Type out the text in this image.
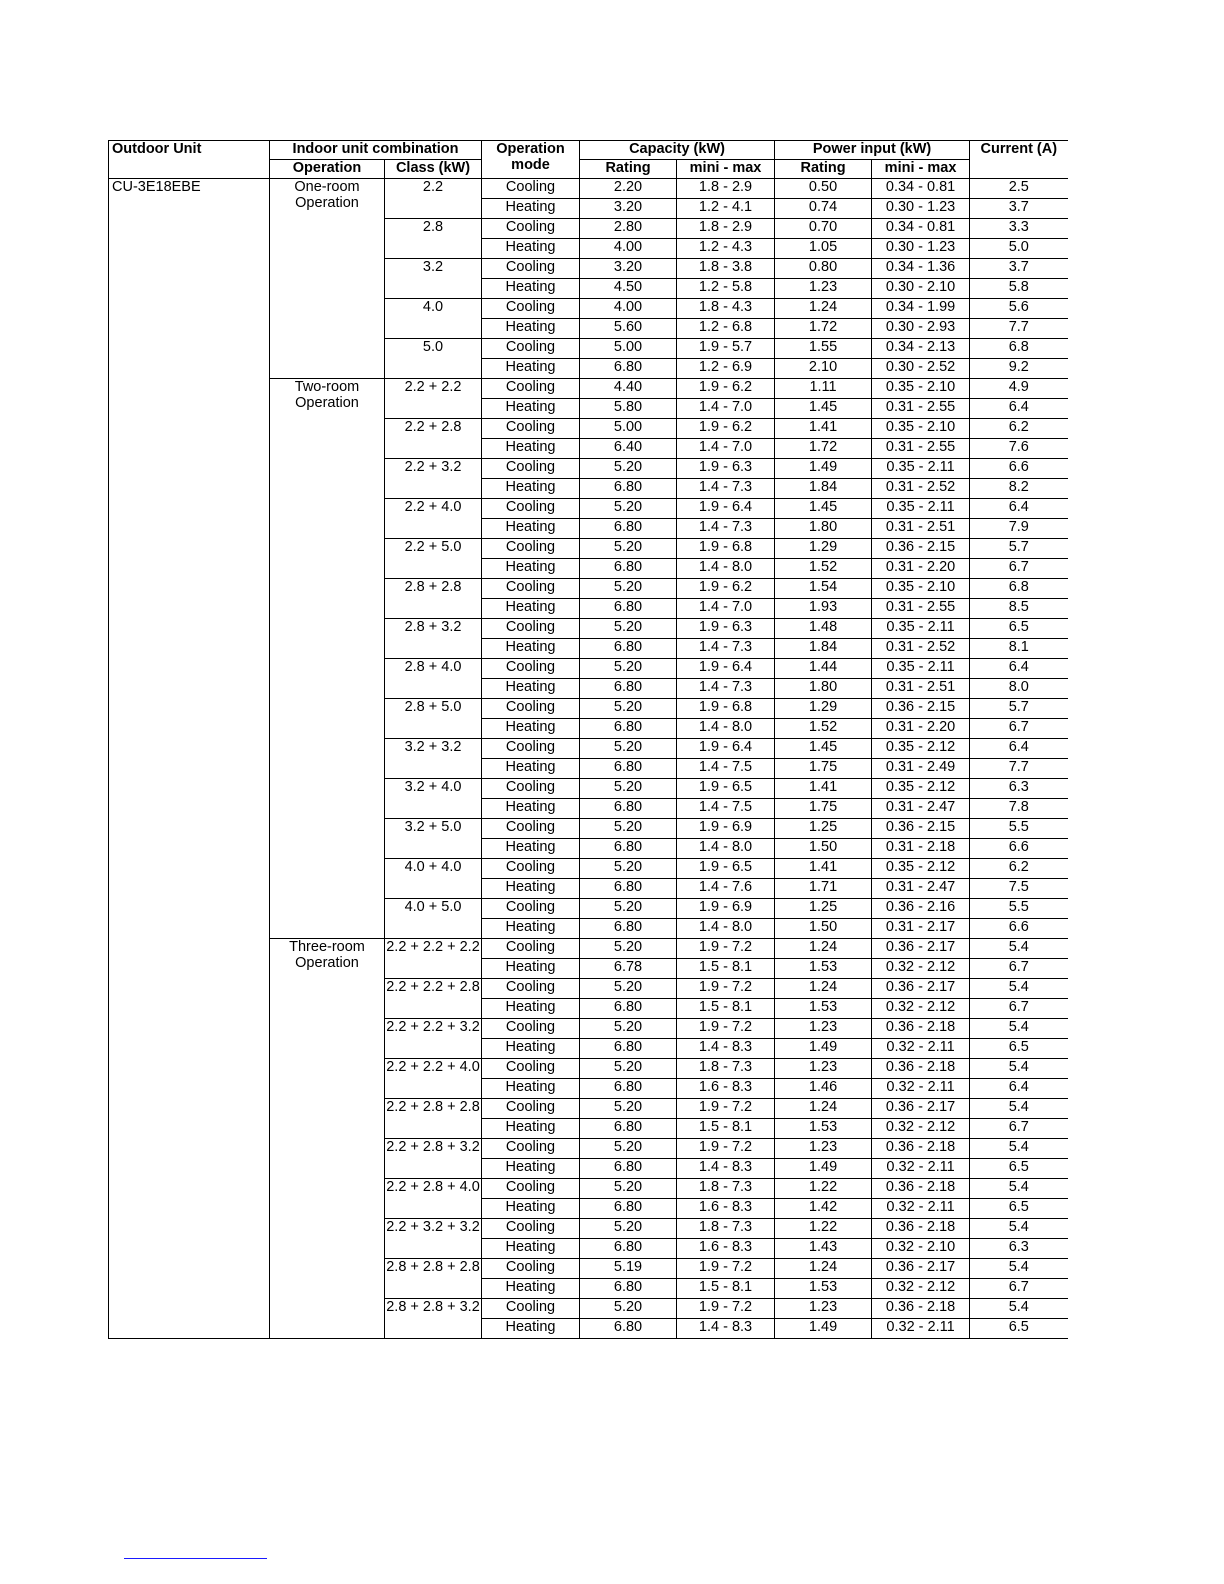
Outdoor Unit	Indoor unit combination		Operation mode	Capacity (kW)		Power input (kW)		Current (A)
	Operation	Class (kW)		Rating	mini - max	Rating	mini - max	
CU-3E18EBE	One-room Operation	2.2	Cooling	2.20	1.8 - 2.9	0.50	0.34 - 0.81	2.5
			Heating	3.20	1.2 - 4.1	0.74	0.30 - 1.23	3.7
		2.8	Cooling	2.80	1.8 - 2.9	0.70	0.34 - 0.81	3.3
			Heating	4.00	1.2 - 4.3	1.05	0.30 - 1.23	5.0
		3.2	Cooling	3.20	1.8 - 3.8	0.80	0.34 - 1.36	3.7
			Heating	4.50	1.2 - 5.8	1.23	0.30 - 2.10	5.8
		4.0	Cooling	4.00	1.8 - 4.3	1.24	0.34 - 1.99	5.6
			Heating	5.60	1.2 - 6.8	1.72	0.30 - 2.93	7.7
		5.0	Cooling	5.00	1.9 - 5.7	1.55	0.34 - 2.13	6.8
			Heating	6.80	1.2 - 6.9	2.10	0.30 - 2.52	9.2
	Two-room Operation	2.2 + 2.2	Cooling	4.40	1.9 - 6.2	1.11	0.35 - 2.10	4.9
			Heating	5.80	1.4 - 7.0	1.45	0.31 - 2.55	6.4
		2.2 + 2.8	Cooling	5.00	1.9 - 6.2	1.41	0.35 - 2.10	6.2
			Heating	6.40	1.4 - 7.0	1.72	0.31 - 2.55	7.6
		2.2 + 3.2	Cooling	5.20	1.9 - 6.3	1.49	0.35 - 2.11	6.6
			Heating	6.80	1.4 - 7.3	1.84	0.31 - 2.52	8.2
		2.2 + 4.0	Cooling	5.20	1.9 - 6.4	1.45	0.35 - 2.11	6.4
			Heating	6.80	1.4 - 7.3	1.80	0.31 - 2.51	7.9
		2.2 + 5.0	Cooling	5.20	1.9 - 6.8	1.29	0.36 - 2.15	5.7
			Heating	6.80	1.4 - 8.0	1.52	0.31 - 2.20	6.7
		2.8 + 2.8	Cooling	5.20	1.9 - 6.2	1.54	0.35 - 2.10	6.8
			Heating	6.80	1.4 - 7.0	1.93	0.31 - 2.55	8.5
		2.8 + 3.2	Cooling	5.20	1.9 - 6.3	1.48	0.35 - 2.11	6.5
			Heating	6.80	1.4 - 7.3	1.84	0.31 - 2.52	8.1
		2.8 + 4.0	Cooling	5.20	1.9 - 6.4	1.44	0.35 - 2.11	6.4
			Heating	6.80	1.4 - 7.3	1.80	0.31 - 2.51	8.0
		2.8 + 5.0	Cooling	5.20	1.9 - 6.8	1.29	0.36 - 2.15	5.7
			Heating	6.80	1.4 - 8.0	1.52	0.31 - 2.20	6.7
		3.2 + 3.2	Cooling	5.20	1.9 - 6.4	1.45	0.35 - 2.12	6.4
			Heating	6.80	1.4 - 7.5	1.75	0.31 - 2.49	7.7
		3.2 + 4.0	Cooling	5.20	1.9 - 6.5	1.41	0.35 - 2.12	6.3
			Heating	6.80	1.4 - 7.5	1.75	0.31 - 2.47	7.8
		3.2 + 5.0	Cooling	5.20	1.9 - 6.9	1.25	0.36 - 2.15	5.5
			Heating	6.80	1.4 - 8.0	1.50	0.31 - 2.18	6.6
		4.0 + 4.0	Cooling	5.20	1.9 - 6.5	1.41	0.35 - 2.12	6.2
			Heating	6.80	1.4 - 7.6	1.71	0.31 - 2.47	7.5
		4.0 + 5.0	Cooling	5.20	1.9 - 6.9	1.25	0.36 - 2.16	5.5
			Heating	6.80	1.4 - 8.0	1.50	0.31 - 2.17	6.6
	Three-room Operation	2.2 + 2.2 + 2.2	Cooling	5.20	1.9 - 7.2	1.24	0.36 - 2.17	5.4
			Heating	6.78	1.5 - 8.1	1.53	0.32 - 2.12	6.7
		2.2 + 2.2 + 2.8	Cooling	5.20	1.9 - 7.2	1.24	0.36 - 2.17	5.4
			Heating	6.80	1.5 - 8.1	1.53	0.32 - 2.12	6.7
		2.2 + 2.2 + 3.2	Cooling	5.20	1.9 - 7.2	1.23	0.36 - 2.18	5.4
			Heating	6.80	1.4 - 8.3	1.49	0.32 - 2.11	6.5
		2.2 + 2.2 + 4.0	Cooling	5.20	1.8 - 7.3	1.23	0.36 - 2.18	5.4
			Heating	6.80	1.6 - 8.3	1.46	0.32 - 2.11	6.4
		2.2 + 2.8 + 2.8	Cooling	5.20	1.9 - 7.2	1.24	0.36 - 2.17	5.4
			Heating	6.80	1.5 - 8.1	1.53	0.32 - 2.12	6.7
		2.2 + 2.8 + 3.2	Cooling	5.20	1.9 - 7.2	1.23	0.36 - 2.18	5.4
			Heating	6.80	1.4 - 8.3	1.49	0.32 - 2.11	6.5
		2.2 + 2.8 + 4.0	Cooling	5.20	1.8 - 7.3	1.22	0.36 - 2.18	5.4
			Heating	6.80	1.6 - 8.3	1.42	0.32 - 2.11	6.5
		2.2 + 3.2 + 3.2	Cooling	5.20	1.8 - 7.3	1.22	0.36 - 2.18	5.4
			Heating	6.80	1.6 - 8.3	1.43	0.32 - 2.10	6.3
		2.8 + 2.8 + 2.8	Cooling	5.19	1.9 - 7.2	1.24	0.36 - 2.17	5.4
			Heating	6.80	1.5 - 8.1	1.53	0.32 - 2.12	6.7
		2.8 + 2.8 + 3.2	Cooling	5.20	1.9 - 7.2	1.23	0.36 - 2.18	5.4
			Heating	6.80	1.4 - 8.3	1.49	0.32 - 2.11	6.5
